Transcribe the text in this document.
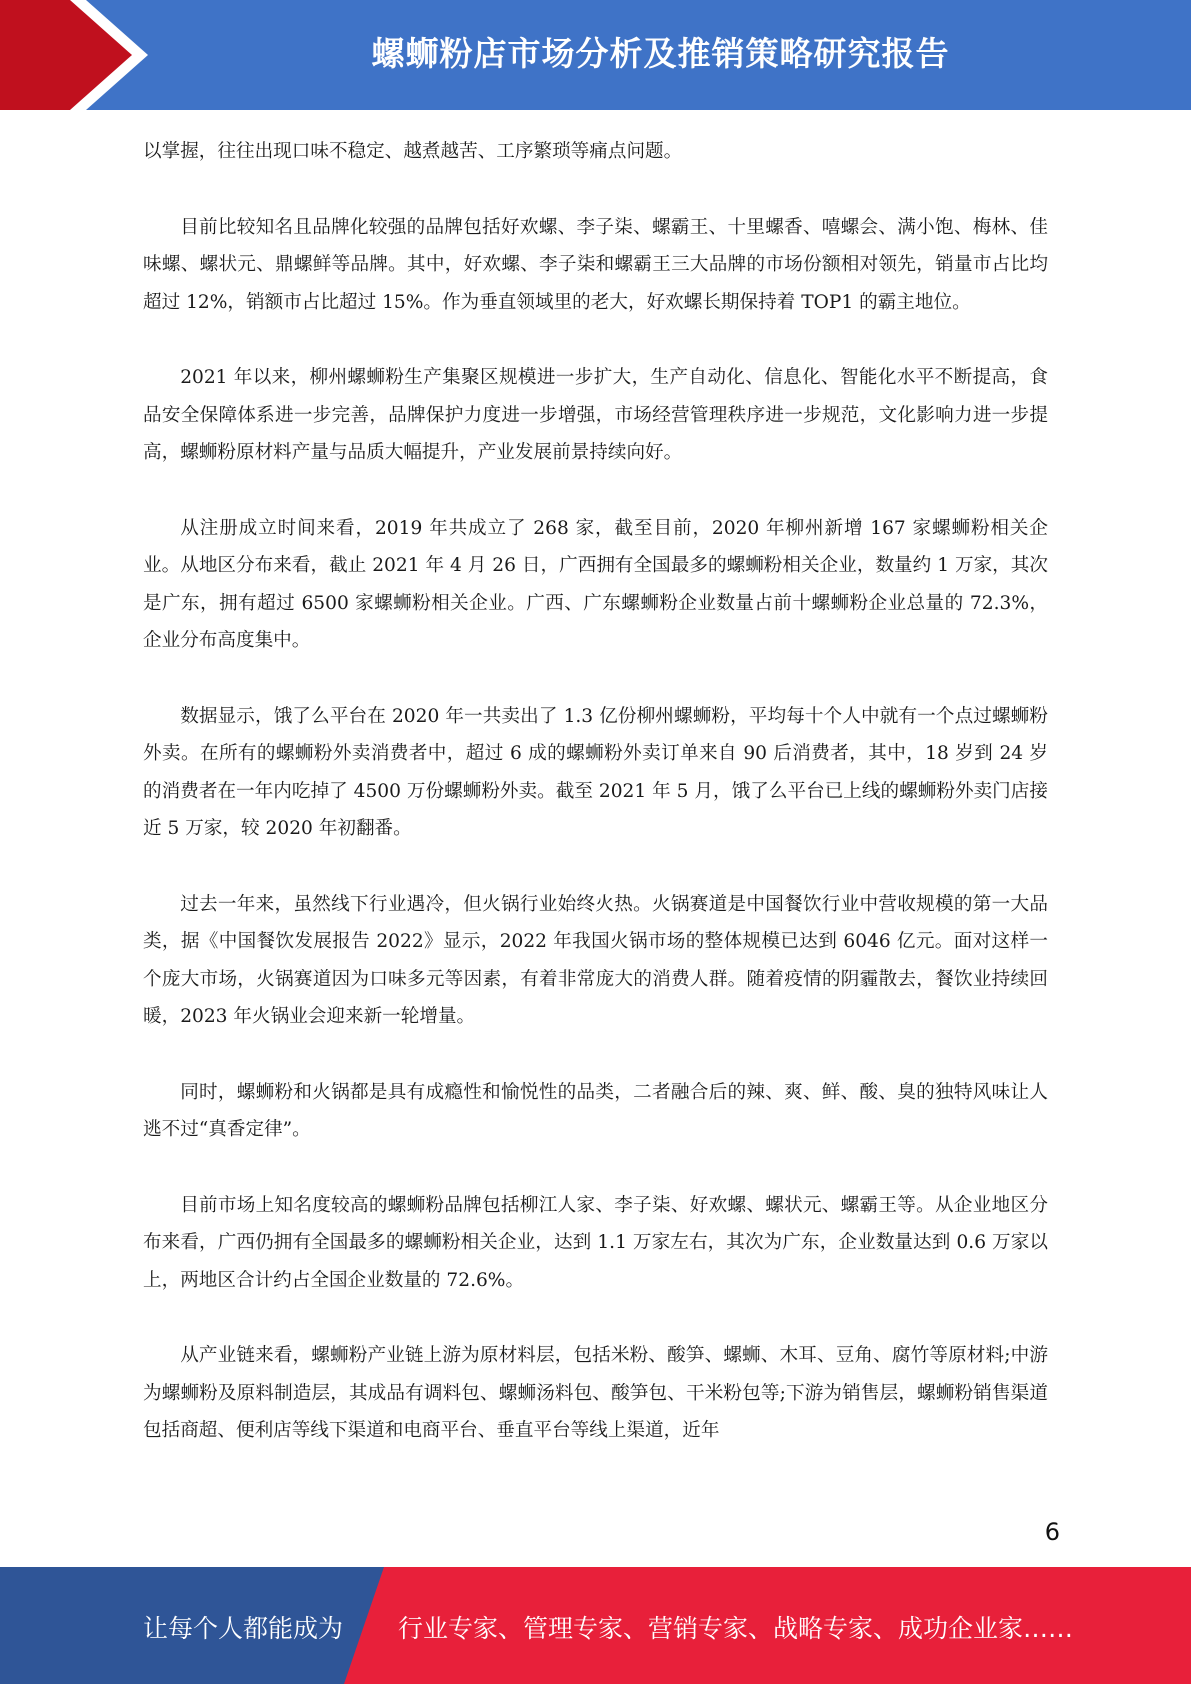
螺蛳粉店市场分析及推销策略研究报告

以掌握，往往出现口味不稳定、越煮越苦、工序繁琐等痛点问题。

目前比较知名且品牌化较强的品牌包括好欢螺、李子柒、螺霸王、十里螺香、嘻螺会、满小饱、梅林、佳味螺、螺状元、鼎螺鲜等品牌。其中，好欢螺、李子柒和螺霸王三大品牌的市场份额相对领先，销量市占比均超过 12%，销额市占比超过 15%。作为垂直领域里的老大，好欢螺长期保持着 TOP1 的霸主地位。

2021 年以来，柳州螺蛳粉生产集聚区规模进一步扩大，生产自动化、信息化、智能化水平不断提高，食品安全保障体系进一步完善，品牌保护力度进一步增强，市场经营管理秩序进一步规范，文化影响力进一步提高，螺蛳粉原材料产量与品质大幅提升，产业发展前景持续向好。

从注册成立时间来看，2019 年共成立了 268 家，截至目前，2020 年柳州新增 167 家螺蛳粉相关企业。从地区分布来看，截止 2021 年 4 月 26 日，广西拥有全国最多的螺蛳粉相关企业，数量约 1 万家，其次是广东，拥有超过 6500 家螺蛳粉相关企业。广西、广东螺蛳粉企业数量占前十螺蛳粉企业总量的 72.3%，企业分布高度集中。

数据显示，饿了么平台在 2020 年一共卖出了 1.3 亿份柳州螺蛳粉，平均每十个人中就有一个点过螺蛳粉外卖。在所有的螺蛳粉外卖消费者中，超过 6 成的螺蛳粉外卖订单来自 90 后消费者，其中，18 岁到 24 岁的消费者在一年内吃掉了 4500 万份螺蛳粉外卖。截至 2021 年 5 月，饿了么平台已上线的螺蛳粉外卖门店接近 5 万家，较 2020 年初翻番。

过去一年来，虽然线下行业遇冷，但火锅行业始终火热。火锅赛道是中国餐饮行业中营收规模的第一大品类，据《中国餐饮发展报告 2022》显示，2022 年我国火锅市场的整体规模已达到 6046 亿元。面对这样一个庞大市场，火锅赛道因为口味多元等因素，有着非常庞大的消费人群。随着疫情的阴霾散去，餐饮业持续回暖，2023 年火锅业会迎来新一轮增量。

同时，螺蛳粉和火锅都是具有成瘾性和愉悦性的品类，二者融合后的辣、爽、鲜、酸、臭的独特风味让人逃不过“真香定律”。

目前市场上知名度较高的螺蛳粉品牌包括柳江人家、李子柒、好欢螺、螺状元、螺霸王等。从企业地区分布来看，广西仍拥有全国最多的螺蛳粉相关企业，达到 1.1 万家左右，其次为广东，企业数量达到 0.6 万家以上，两地区合计约占全国企业数量的 72.6%。

从产业链来看，螺蛳粉产业链上游为原材料层，包括米粉、酸笋、螺蛳、木耳、豆角、腐竹等原材料;中游为螺蛳粉及原料制造层，其成品有调料包、螺蛳汤料包、酸笋包、干米粉包等;下游为销售层，螺蛳粉销售渠道包括商超、便利店等线下渠道和电商平台、垂直平台等线上渠道，近年

6
让每个人都能成为 行业专家、管理专家、营销专家、战略专家、成功企业家……
